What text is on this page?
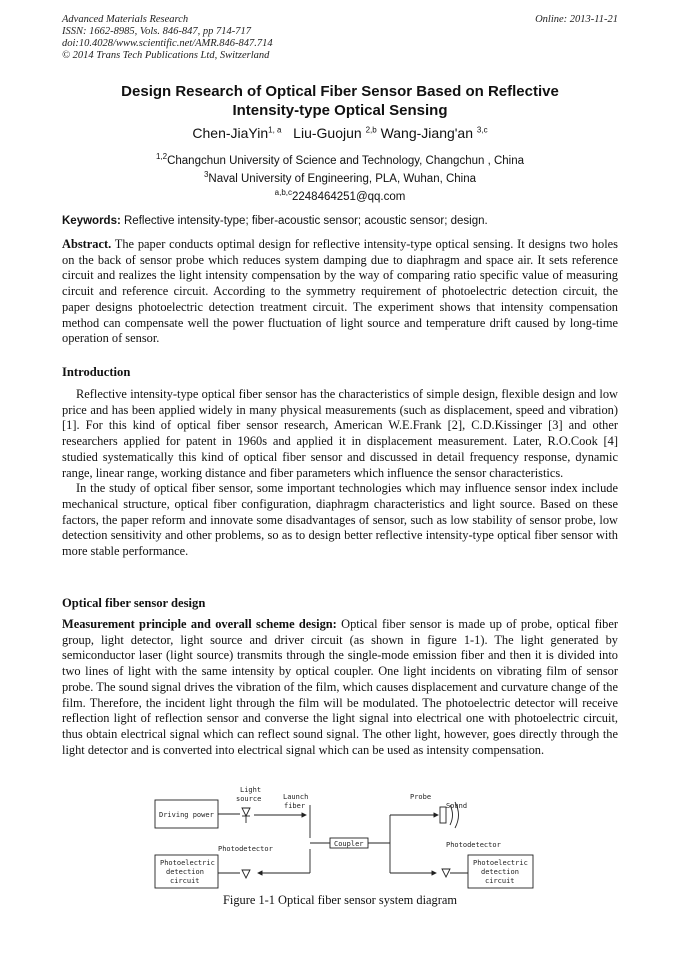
Advanced Materials Research
ISSN: 1662-8985, Vols. 846-847, pp 714-717
doi:10.4028/www.scientific.net/AMR.846-847.714
© 2014 Trans Tech Publications Ltd, Switzerland
Online: 2013-11-21
Design Research of Optical Fiber Sensor Based on Reflective
Intensity-type Optical Sensing
Chen-JiaYin$^{1, a}$ Liu-Guojun $^{2,b}$ Wang-Jiang'an $^{3,c}$
$^{1,2}$Changchun University of Science and Technology, Changchun , China
$^3$Naval University of Engineering, PLA, Wuhan, China
$^{a,b,c}$2248464251@qq.com
Keywords: Reflective intensity-type; fiber-acoustic sensor; acoustic sensor; design.
Abstract. The paper conducts optimal design for reflective intensity-type optical sensing. It designs two holes on the back of sensor probe which reduces system damping due to diaphragm and space air. It sets reference circuit and realizes the light intensity compensation by the way of comparing ratio specific value of measuring circuit and reference circuit. According to the symmetry requirement of photoelectric detection circuit, the paper designs photoelectric detection treatment circuit. The experiment shows that intensity compensation method can compensate well the power fluctuation of light source and temperature drift caused by long-time operation of sensor.
Introduction

Reflective intensity-type optical fiber sensor has the characteristics of simple design, flexible design and low price and has been applied widely in many physical measurements (such as displacement, speed and vibration) [1]. For this kind of optical fiber sensor research, American W.E.Frank [2], C.D.Kissinger [3] and other researchers applied for patent in 1960s and applied it in displacement measurement. Later, R.O.Cook [4] studied systematically this kind of optical fiber sensor and discussed in detail frequency response, dynamic range, linear range, working distance and fiber parameters which influence the sensor characteristics.

In the study of optical fiber sensor, some important technologies which may influence sensor index include mechanical structure, optical fiber configuration, diaphragm characteristics and light source. Based on these factors, the paper reform and innovate some disadvantages of sensor, such as low stability of sensor probe, low detection sensitivity and other problems, so as to design better reflective intensity-type optical fiber sensor with more stable performance.

Optical fiber sensor design
Measurement principle and overall scheme design: Optical fiber sensor is made up of probe, optical fiber group, light detector, light source and driver circuit (as shown in figure 1-1). The light generated by semiconductor laser (light source) transmits through the single-mode emission fiber and then it is divided into two lines of light with the same intensity by optical coupler. One light incidents on vibrating film of sensor probe. The sound signal drives the vibration of the film, which causes displacement and curvature change of the film. Therefore, the incident light through the film will be modulated. The photoelectric detector will receive reflection light of reflection sensor and converse the light signal into electrical one with photoelectric circuit, thus obtain electrical signal which can reflect sound signal. The other light, however, goes directly through the light detector and is converted into electrical signal which can be used as intensity compensation.
Driving power
Light
source	Launch
fiber
Probe
Sound
Coupler
Photodetector	Photodetector
Photoelectric
detection
circuit
Photoelectric
detection
circuit
Figure 1-1 Optical fiber sensor system diagram
